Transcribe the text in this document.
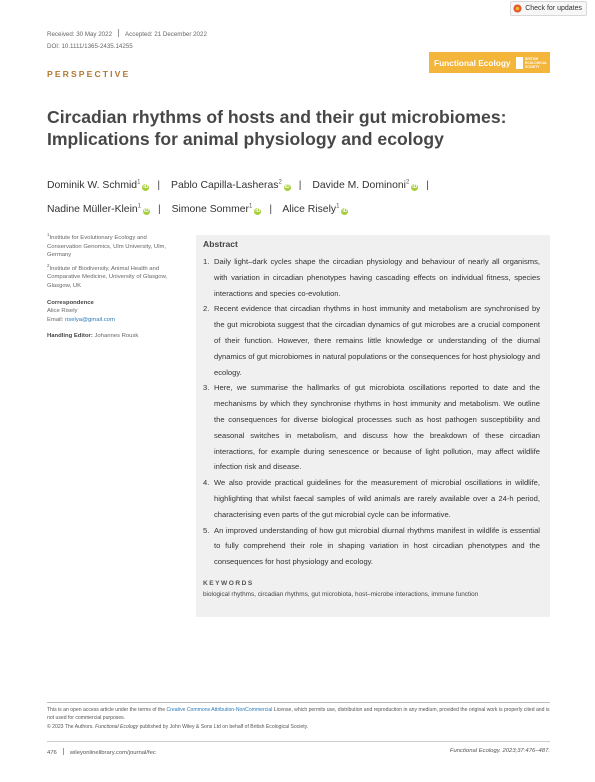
Check for updates
Received: 30 May 2022 Accepted: 21 December 2022
DOI: 10.1111/1365-2435.14255
PERSPECTIVE
Functional Ecology	BRITISH
ECOLOGICAL
SOCIETY
Circadian rhythms of hosts and their gut microbiomes: Implications for animal physiology and ecology
Dominik W. Schmid$^1$iD | Pablo Capilla-Lasheras$^2$iD | Davide M. Dominoni$^2$iD |
Nadine Müller-Klein$^1$iD | Simone Sommer$^1$iD | Alice Risely$^1$iD
$^1$Institute for Evolutionary Ecology and Conservation Genomics, Ulm University, Ulm, Germany
$^2$Institute of Biodiversity, Animal Health and Comparative Medicine, University of Glasgow, Glasgow, UK
Correspondence
Alice Risely
Email: riselya@gmail.com
Handling Editor: Johannes Rousk
Abstract
1. Daily light–dark cycles shape the circadian physiology and behaviour of nearly all organisms, with variation in circadian phenotypes having cascading effects on individual fitness, species interactions and species co-evolution.
2. Recent evidence that circadian rhythms in host immunity and metabolism are synchronised by the gut microbiota suggest that the circadian dynamics of gut microbes are a crucial component of their function. However, there remains little knowledge or understanding of the diurnal dynamics of gut microbiomes in natural populations or the consequences for host physiology and ecology.
3. Here, we summarise the hallmarks of gut microbiota oscillations reported to date and the mechanisms by which they synchronise rhythms in host immunity and metabolism. We outline the consequences for diverse biological processes such as host pathogen susceptibility and seasonal switches in metabolism, and discuss how the breakdown of these circadian interactions, for example during senescence or because of light pollution, may affect wildlife infection risk and disease.
4. We also provide practical guidelines for the measurement of microbial oscillations in wildlife, highlighting that whilst faecal samples of wild animals are rarely available over a 24-h period, characterising even parts of the gut microbial cycle can be informative.
5. An improved understanding of how gut microbial diurnal rhythms manifest in wildlife is essential to fully comprehend their role in shaping variation in host circadian phenotypes and the consequences for host physiology and ecology.
KEYWORDS
biological rhythms, circadian rhythms, gut microbiota, host–microbe interactions, immune function
This is an open access article under the terms of the Creative Commons Attribution-NonCommercial License, which permits use, distribution and reproduction in any medium, provided the original work is properly cited and is not used for commercial purposes.
© 2023 The Authors. Functional Ecology published by John Wiley & Sons Ltd on behalf of British Ecological Society.
476 wileyonlinelibrary.com/journal/fec	Functional Ecology. 2023;37:476–487.
